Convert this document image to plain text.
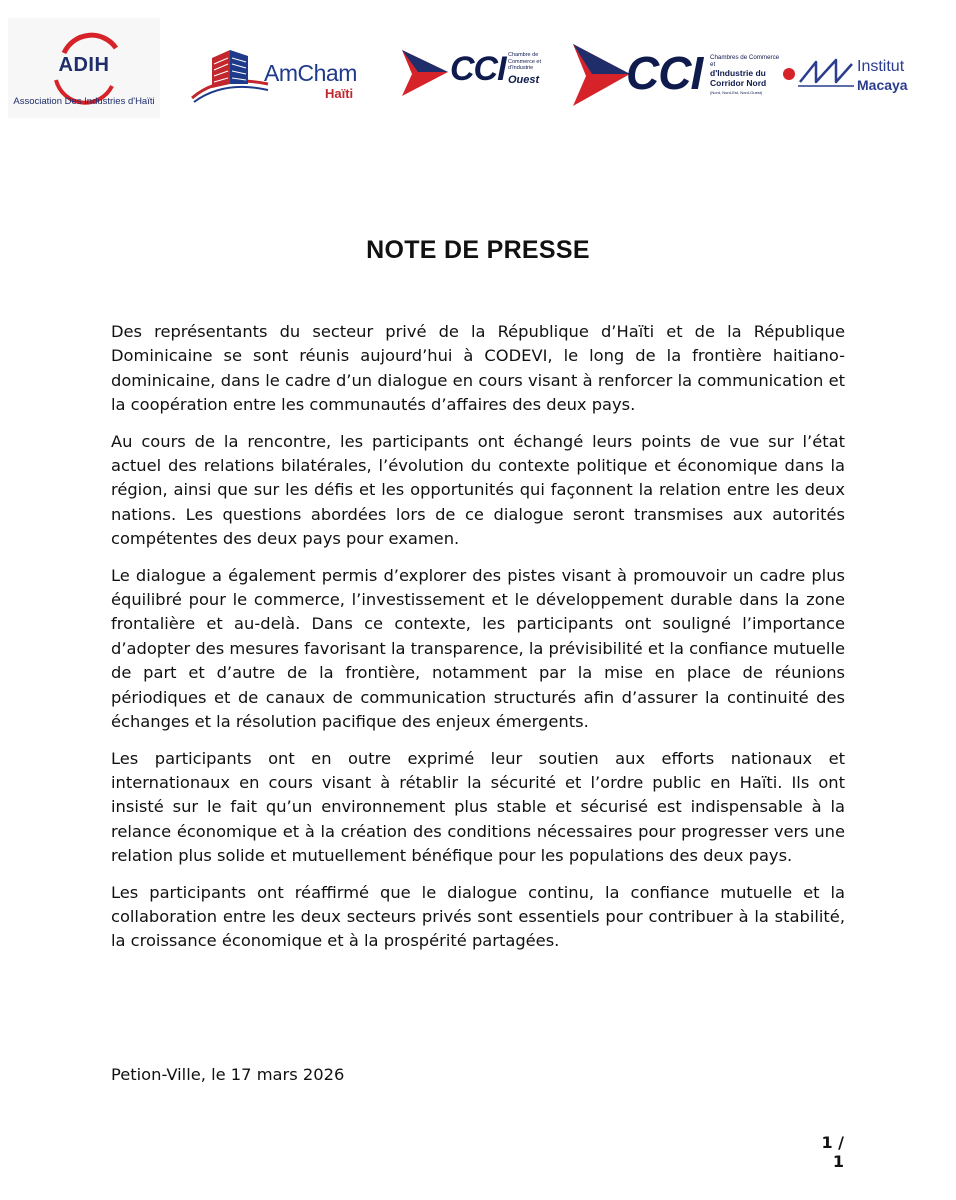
ADIH
Association Des Industries d'Haïti
AmCham
Haïti
CCI Chambre de Commerce et d'Industrie
Ouest CCI Chambres de Commerce et
d'Industrie du Corridor Nord
(Nord, Nord-Est, Nord-Ouest)
Institut
Macaya
NOTE DE PRESSE

Des représentants du secteur privé de la République d’Haïti et de la République Dominicaine se sont réunis aujourd’hui à CODEVI, le long de la frontière haitiano-dominicaine, dans le cadre d’un dialogue en cours visant à renforcer la communication et la coopération entre les communautés d’affaires des deux pays.

Au cours de la rencontre, les participants ont échangé leurs points de vue sur l’état actuel des relations bilatérales, l’évolution du contexte politique et économique dans la région, ainsi que sur les défis et les opportunités qui façonnent la relation entre les deux nations. Les questions abordées lors de ce dialogue seront transmises aux autorités compétentes des deux pays pour examen.

Le dialogue a également permis d’explorer des pistes visant à promouvoir un cadre plus équilibré pour le commerce, l’investissement et le développement durable dans la zone frontalière et au-delà. Dans ce contexte, les participants ont souligné l’importance d’adopter des mesures favorisant la transparence, la prévisibilité et la confiance mutuelle de part et d’autre de la frontière, notamment par la mise en place de réunions périodiques et de canaux de communication structurés afin d’assurer la continuité des échanges et la résolution pacifique des enjeux émergents.

Les participants ont en outre exprimé leur soutien aux efforts nationaux et internationaux en cours visant à rétablir la sécurité et l’ordre public en Haïti. Ils ont insisté sur le fait qu’un environnement plus stable et sécurisé est indispensable à la relance économique et à la création des conditions nécessaires pour progresser vers une relation plus solide et mutuellement bénéfique pour les populations des deux pays.

Les participants ont réaffirmé que le dialogue continu, la confiance mutuelle et la collaboration entre les deux secteurs privés sont essentiels pour contribuer à la stabilité, la croissance économique et à la prospérité partagées.

Petion-Ville, le 17 mars 2026
1 / 1
